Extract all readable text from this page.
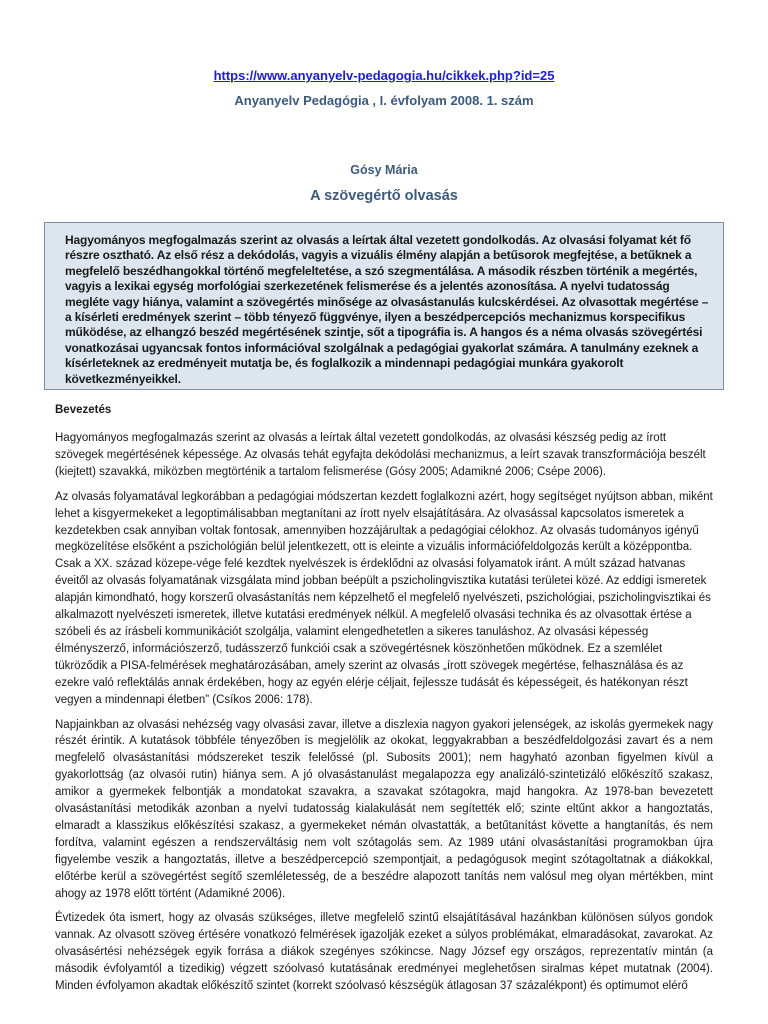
https://www.anyanyelv-pedagogia.hu/cikkek.php?id=25
Anyanyelv Pedagógia , I. évfolyam 2008. 1. szám
Gósy Mária
A szövegértő olvasás
Hagyományos megfogalmazás szerint az olvasás a leírtak által vezetett gondolkodás. Az olvasási folyamat két fő részre osztható. Az első rész a dekódolás, vagyis a vizuális élmény alapján a betűsorok megfejtése, a betűknek a megfelelő beszédhangokkal történő megfeleltetése, a szó szegmentálása. A második részben történik a megértés, vagyis a lexikai egység morfológiai szerkezetének felismerése és a jelentés azonosítása. A nyelvi tudatosság megléte vagy hiánya, valamint a szövegértés minősége az olvasástanulás kulcskérdései. Az olvasottak megértése – a kísérleti eredmények szerint – több tényező függvénye, ilyen a beszédpercepciós mechanizmus korspecifikus működése, az elhangzó beszéd megértésének szintje, sőt a tipográfia is. A hangos és a néma olvasás szövegértési vonatkozásai ugyancsak fontos információval szolgálnak a pedagógiai gyakorlat számára. A tanulmány ezeknek a kísérleteknek az eredményeit mutatja be, és foglalkozik a mindennapi pedagógiai munkára gyakorolt következményeikkel.
Bevezetés

Hagyományos megfogalmazás szerint az olvasás a leírtak által vezetett gondolkodás, az olvasási készség pedig az írott szövegek megértésének képessége. Az olvasás tehát egyfajta dekódolási mechanizmus, a leírt szavak transzformációja beszélt (kiejtett) szavakká, miközben megtörténik a tartalom felismerése (Gósy 2005; Adamikné 2006; Csépe 2006).

Az olvasás folyamatával legkorábban a pedagógiai módszertan kezdett foglalkozni azért, hogy segítséget nyújtson abban, miként lehet a kisgyermekeket a legoptimálisabban megtanítani az írott nyelv elsajátítására. Az olvasással kapcsolatos ismeretek a kezdetekben csak annyiban voltak fontosak, amennyiben hozzájárultak a pedagógiai célokhoz. Az olvasás tudományos igényű megközelítése elsőként a pszichológián belül jelentkezett, ott is eleinte a vizuális információfeldolgozás került a középpontba. Csak a XX. század közepe-vége felé kezdtek nyelvészek is érdeklődni az olvasási folyamatok iránt. A múlt század hatvanas éveitől az olvasás folyamatának vizsgálata mind jobban beépült a pszicholingvisztika kutatási területei közé. Az eddigi ismeretek alapján kimondható, hogy korszerű olvasástanítás nem képzelhető el megfelelő nyelvészeti, pszichológiai, pszicholingvisztikai és alkalmazott nyelvészeti ismeretek, illetve kutatási eredmények nélkül. A megfelelő olvasási technika és az olvasottak értése a szóbeli és az írásbeli kommunikációt szolgálja, valamint elengedhetetlen a sikeres tanuláshoz. Az olvasási képesség élményszerző, információszerző, tudásszerző funkciói csak a szövegértésnek köszönhetően működnek. Ez a szemlélet tükröződik a PISA-felmérések meghatározásában, amely szerint az olvasás „írott szövegek megértése, felhasználása és az ezekre való reflektálás annak érdekében, hogy az egyén elérje céljait, fejlessze tudását és képességeit, és hatékonyan részt vegyen a mindennapi életben” (Csíkos 2006: 178).

Napjainkban az olvasási nehézség vagy olvasási zavar, illetve a diszlexia nagyon gyakori jelenségek, az iskolás gyermekek nagy részét érintik. A kutatások többféle tényezőben is megjelölik az okokat, leggyakrabban a beszédfeldolgozási zavart és a nem megfelelő olvasástanítási módszereket teszik felelőssé (pl. Subosits 2001); nem hagyható azonban figyelmen kívül a gyakorlottság (az olvasói rutin) hiánya sem. A jó olvasástanulást megalapozza egy analizáló-szintetizáló előkészítő szakasz, amikor a gyermekek felbontják a mondatokat szavakra, a szavakat szótagokra, majd hangokra. Az 1978-ban bevezetett olvasástanítási metodikák azonban a nyelvi tudatosság kialakulását nem segítették elő; szinte eltűnt akkor a hangoztatás, elmaradt a klasszikus előkészítési szakasz, a gyermekeket némán olvastatták, a betűtanítást követte a hangtanítás, és nem fordítva, valamint egészen a rendszerváltásig nem volt szótagolás sem. Az 1989 utáni olvasástanítási programokban újra figyelembe veszik a hangoztatás, illetve a beszédpercepció szempontjait, a pedagógusok megint szótagoltatnak a diákokkal, előtérbe kerül a szövegértést segítő szemléletesség, de a beszédre alapozott tanítás nem valósul meg olyan mértékben, mint ahogy az 1978 előtt történt (Adamikné 2006).

Évtizedek óta ismert, hogy az olvasás szükséges, illetve megfelelő szintű elsajátításával hazánkban különösen súlyos gondok vannak. Az olvasott szöveg értésére vonatkozó felmérések igazolják ezeket a súlyos problémákat, elmaradásokat, zavarokat. Az olvasásértési nehézségek egyik forrása a diákok szegényes szókincse. Nagy József egy országos, reprezentatív mintán (a második évfolyamtól a tizedikig) végzett szóolvasó kutatásának eredményei meglehetősen siralmas képet mutatnak (2004). Minden évfolyamon akadtak előkészítő szintet (korrekt szóolvasó készségük átlagosan 37 százalékpont) és optimumot elérő
